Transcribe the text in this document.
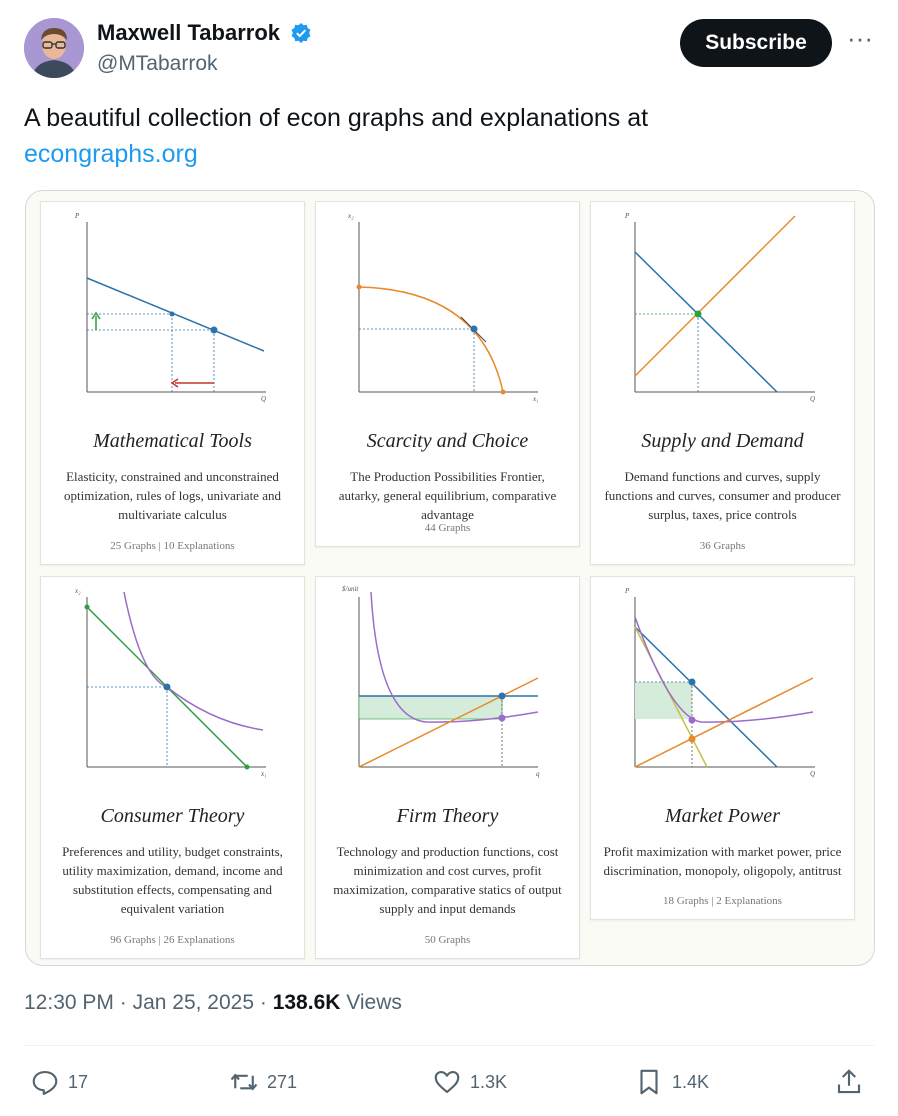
Maxwell Tabarrok
@MTabarrok
Subscribe	···
A beautiful collection of econ graphs and explanations at
econgraphs.org
P
Q
Mathematical Tools
Elasticity, constrained and unconstrained optimization, rules of logs, univariate and multivariate calculus
25 Graphs | 10 Explanations
x₂
x₁
Scarcity and Choice
The Production Possibilities Frontier, autarky, general equilibrium, comparative advantage
44 Graphs
P
Q
Supply and Demand
Demand functions and curves, supply functions and curves, consumer and producer surplus, taxes, price controls
36 Graphs
x₂
x₁
Consumer Theory
Preferences and utility, budget constraints, utility maximization, demand, income and substitution effects, compensating and equivalent variation
96 Graphs | 26 Explanations
$/unit
q
Firm Theory
Technology and production functions, cost minimization and cost curves, profit maximization, comparative statics of output supply and input demands
50 Graphs
P
Q
Market Power
Profit maximization with market power, price discrimination, monopoly, oligopoly, antitrust
18 Graphs | 2 Explanations
12:30 PM · Jan 25, 2025 · 138.6K Views
17	271	1.3K	1.4K
